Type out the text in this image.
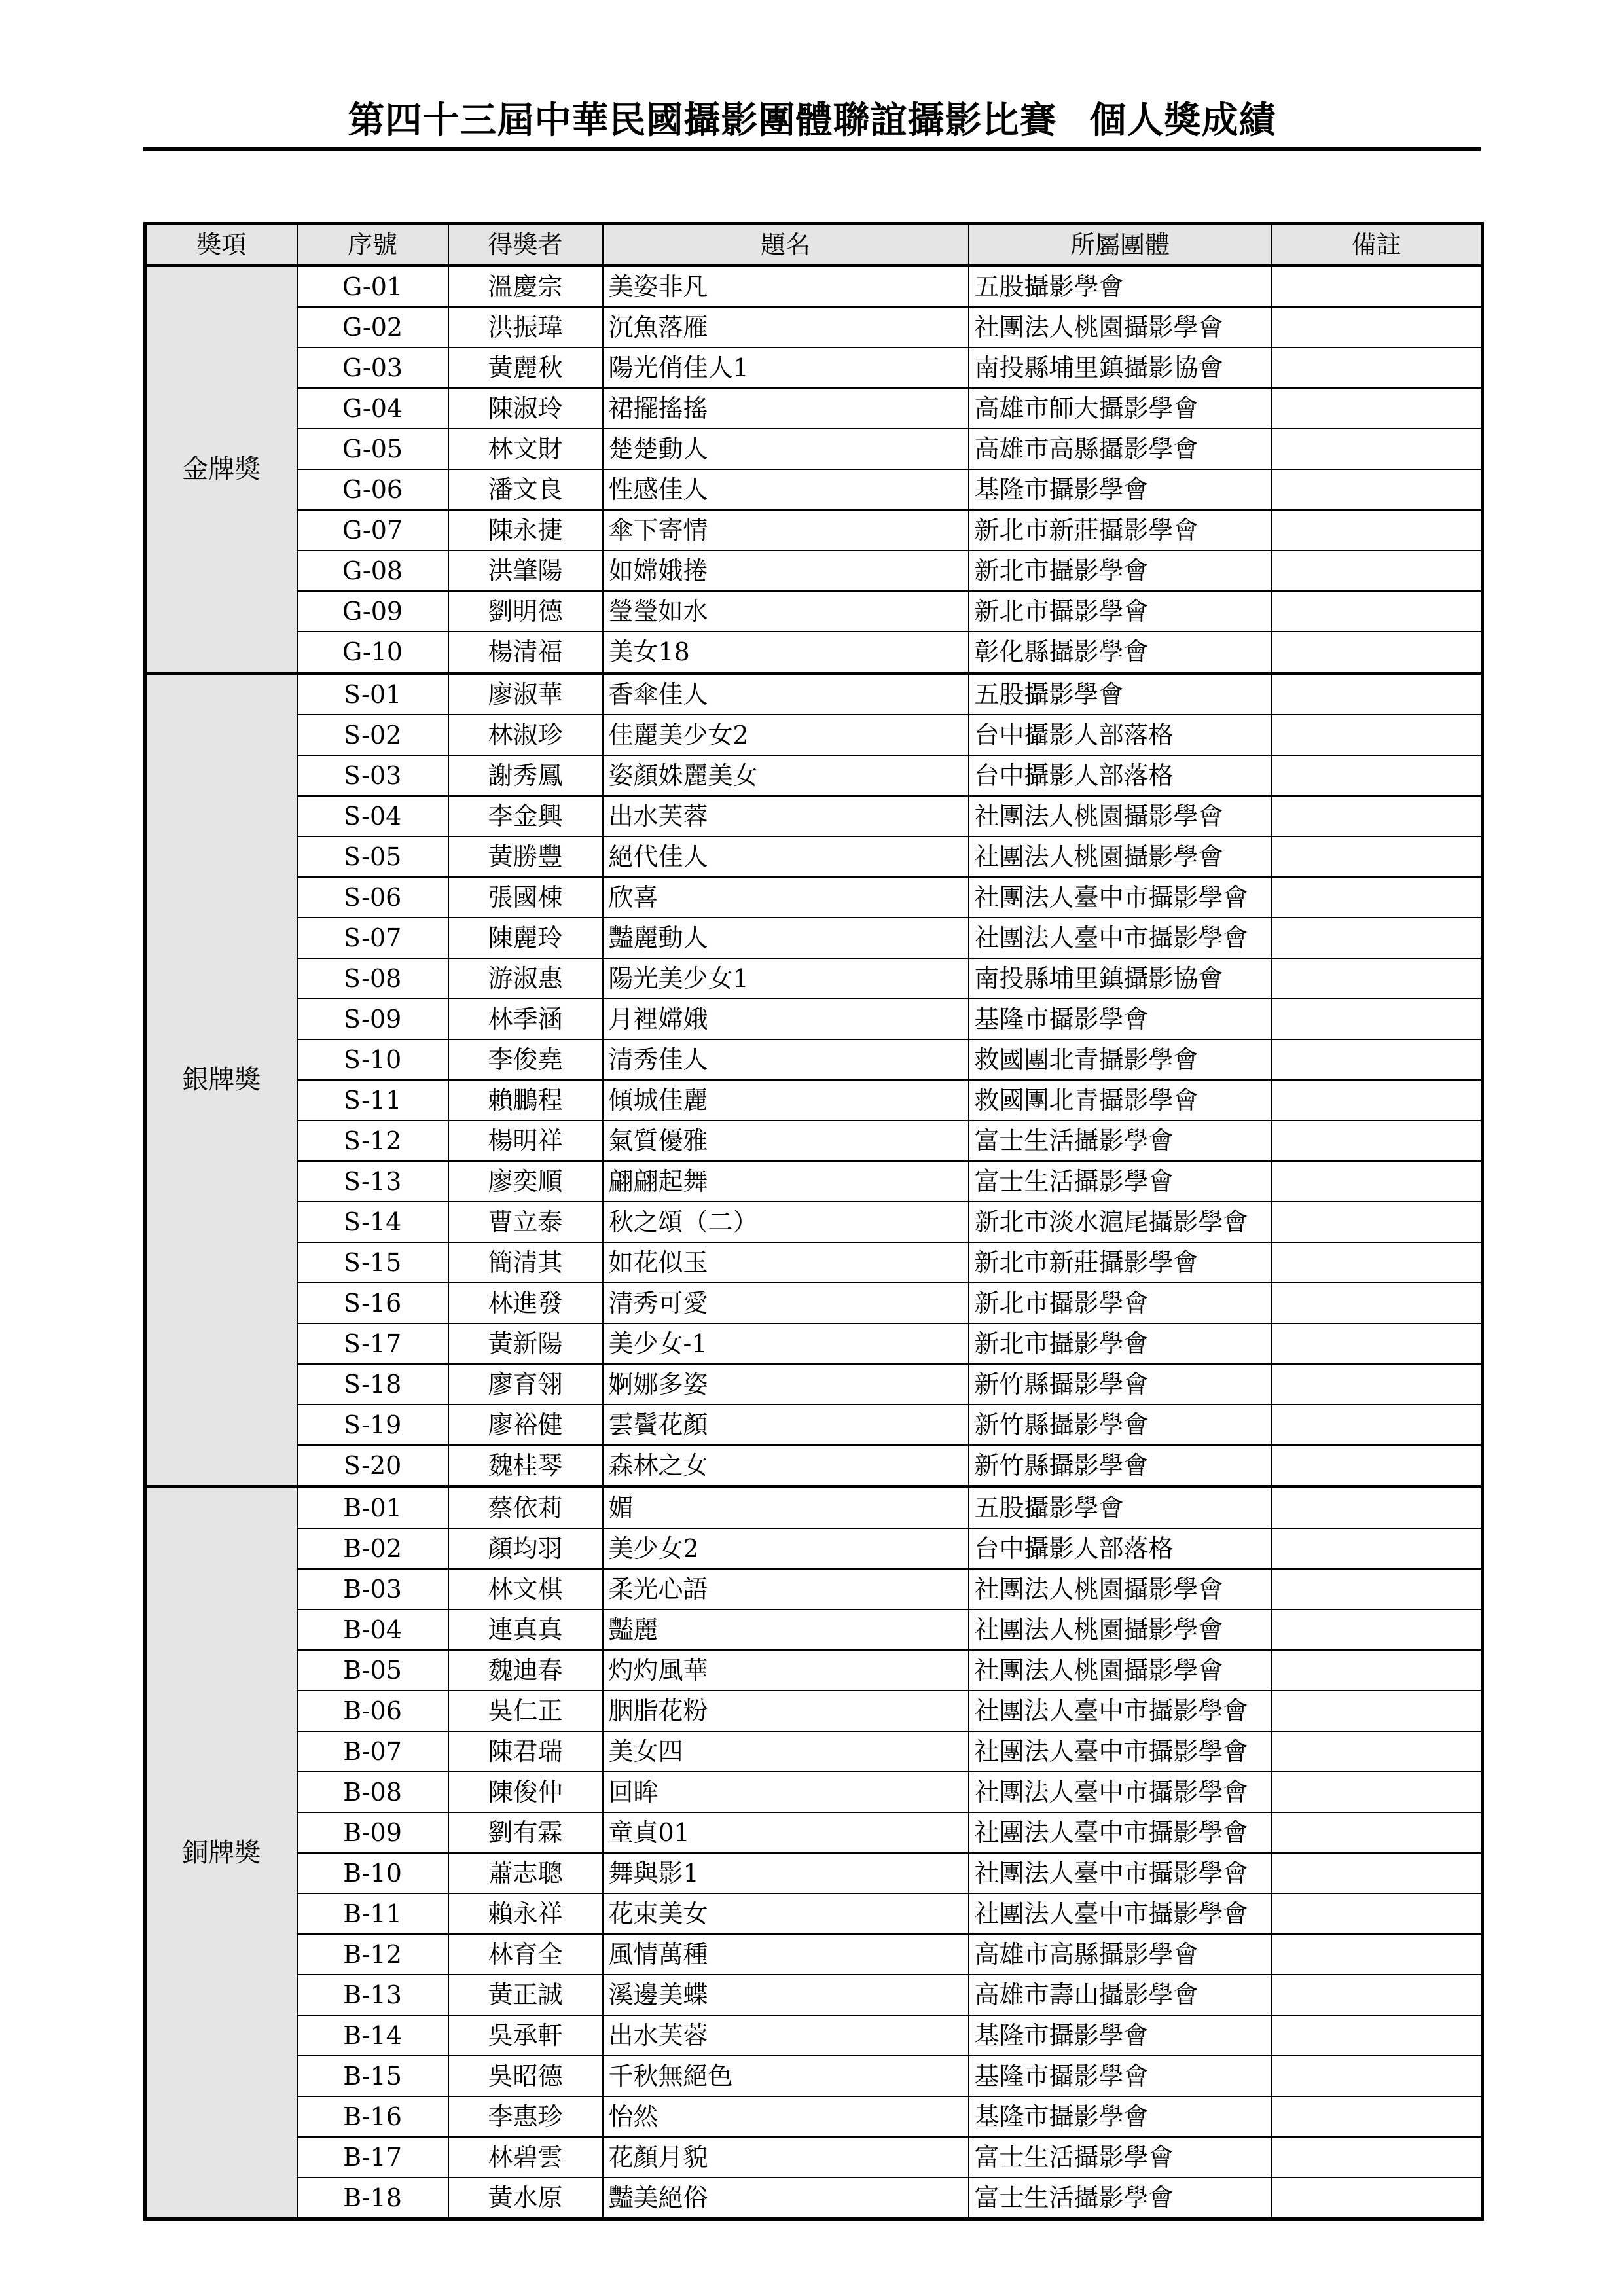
第四十三屆中華民國攝影團體聯誼攝影比賽 個人獎成績
獎項	序號	得獎者	題名	所屬團體	備註
金牌獎	G-01	溫慶宗	美姿非凡	五股攝影學會	
	G-02	洪振瑋	沉魚落雁	社團法人桃園攝影學會	
	G-03	黃麗秋	陽光俏佳人1	南投縣埔里鎮攝影協會	
	G-04	陳淑玲	裙擺搖搖	高雄市師大攝影學會	
	G-05	林文財	楚楚動人	高雄市高縣攝影學會	
	G-06	潘文良	性感佳人	基隆市攝影學會	
	G-07	陳永捷	傘下寄情	新北市新莊攝影學會	
	G-08	洪肇陽	如嫦娥捲	新北市攝影學會	
	G-09	劉明德	瑩瑩如水	新北市攝影學會	
	G-10	楊清福	美女18	彰化縣攝影學會	
銀牌獎	S-01	廖淑華	香傘佳人	五股攝影學會	
	S-02	林淑珍	佳麗美少女2	台中攝影人部落格	
	S-03	謝秀鳳	姿顏姝麗美女	台中攝影人部落格	
	S-04	李金興	出水芙蓉	社團法人桃園攝影學會	
	S-05	黃勝豐	絕代佳人	社團法人桃園攝影學會	
	S-06	張國棟	欣喜	社團法人臺中市攝影學會	
	S-07	陳麗玲	豔麗動人	社團法人臺中市攝影學會	
	S-08	游淑惠	陽光美少女1	南投縣埔里鎮攝影協會	
	S-09	林季涵	月裡嫦娥	基隆市攝影學會	
	S-10	李俊堯	清秀佳人	救國團北青攝影學會	
	S-11	賴鵬程	傾城佳麗	救國團北青攝影學會	
	S-12	楊明祥	氣質優雅	富士生活攝影學會	
	S-13	廖奕順	翩翩起舞	富士生活攝影學會	
	S-14	曹立泰	秋之頌（二）	新北市淡水滬尾攝影學會	
	S-15	簡清其	如花似玉	新北市新莊攝影學會	
	S-16	林進發	清秀可愛	新北市攝影學會	
	S-17	黃新陽	美少女-1	新北市攝影學會	
	S-18	廖育翎	婀娜多姿	新竹縣攝影學會	
	S-19	廖裕健	雲鬢花顏	新竹縣攝影學會	
	S-20	魏桂琴	森林之女	新竹縣攝影學會	
銅牌獎	B-01	蔡依莉	媚	五股攝影學會	
	B-02	顏均羽	美少女2	台中攝影人部落格	
	B-03	林文棋	柔光心語	社團法人桃園攝影學會	
	B-04	連真真	豔麗	社團法人桃園攝影學會	
	B-05	魏迪春	灼灼風華	社團法人桃園攝影學會	
	B-06	吳仁正	胭脂花粉	社團法人臺中市攝影學會	
	B-07	陳君瑞	美女四	社團法人臺中市攝影學會	
	B-08	陳俊仲	回眸	社團法人臺中市攝影學會	
	B-09	劉有霖	童貞01	社團法人臺中市攝影學會	
	B-10	蕭志聰	舞與影1	社團法人臺中市攝影學會	
	B-11	賴永祥	花束美女	社團法人臺中市攝影學會	
	B-12	林育全	風情萬種	高雄市高縣攝影學會	
	B-13	黃正誠	溪邊美蝶	高雄市壽山攝影學會	
	B-14	吳承軒	出水芙蓉	基隆市攝影學會	
	B-15	吳昭德	千秋無絕色	基隆市攝影學會	
	B-16	李惠珍	怡然	基隆市攝影學會	
	B-17	林碧雲	花顏月貌	富士生活攝影學會	
	B-18	黃水原	豔美絕俗	富士生活攝影學會	
